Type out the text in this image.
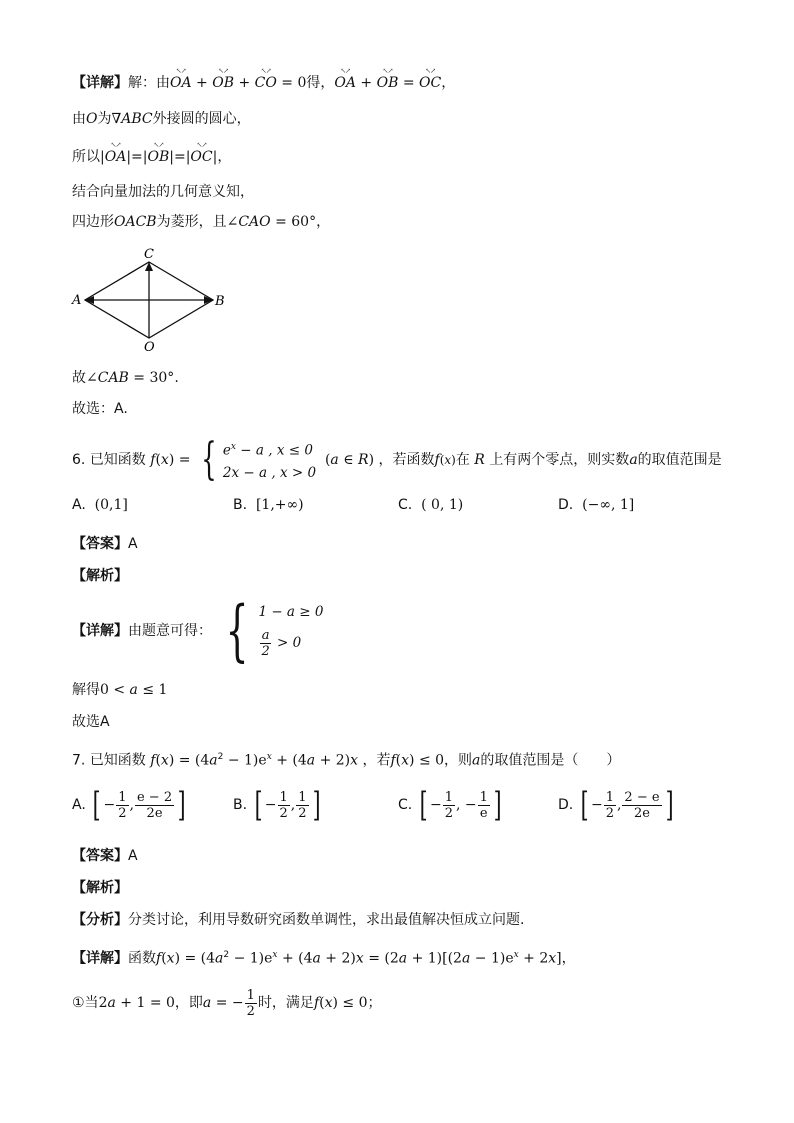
【详解】解：由↖↗ OA + ↖↗ OB + ↖↗ CO = 0得，↖↗ OA + ↖↗ OB = ↖↗ OC，
由O为∇ABC外接圆的圆心，
所以|↖↗ OA|=|↖↗ OB|=|↖↗ OC|，
结合向量加法的几何意义知，
四边形OACB为菱形，且∠CAO = 60°，
C
A	B
O
故∠CAB = 30°.
故选：A.
6. 已知函数 f(x) = { $e^x - a$ , x ≤ 0
2x − a , x > 0
(a ∈ R) ，若函数f(x)在 R 上有两个零点，则实数a的取值范围是
A.  (0,1]	B.  [1,+∞)	C.  ( 0, 1)	D.  (−∞, 1]
【答案】A
【解析】
【详解】由题意可得： { 1 − a ≥ 0
$\frac{a}{2} > 0$
解得0 < a ≤ 1
故选A
7. 已知函数 $f(x) = (4a^2 - 1)e^x + (4a + 2)x$ ，若f(x) ≤ 0，则a的取值范围是（　　）
A. [ − $\frac{1}{2}$ , $\frac{e - 2}{2e}$ ]	B. [ − $\frac{1}{2}$ , $\frac{1}{2}$ ]	C. [ − $\frac{1}{2}$ , − $\frac{1}{e}$ ]	D. [ − $\frac{1}{2}$ , $\frac{2 - e}{2e}$ ]
【答案】A
【解析】
【分析】分类讨论，利用导数研究函数单调性，求出最值解决恒成立问题.
【详解】函数$f(x) = (4a^2 - 1)e^x + (4a + 2)x = (2a + 1)[(2a - 1)e^x + 2x]$，
①当2a + 1 = 0，即a = − $\frac{1}{2}$ 时，满足f(x) ≤ 0；
